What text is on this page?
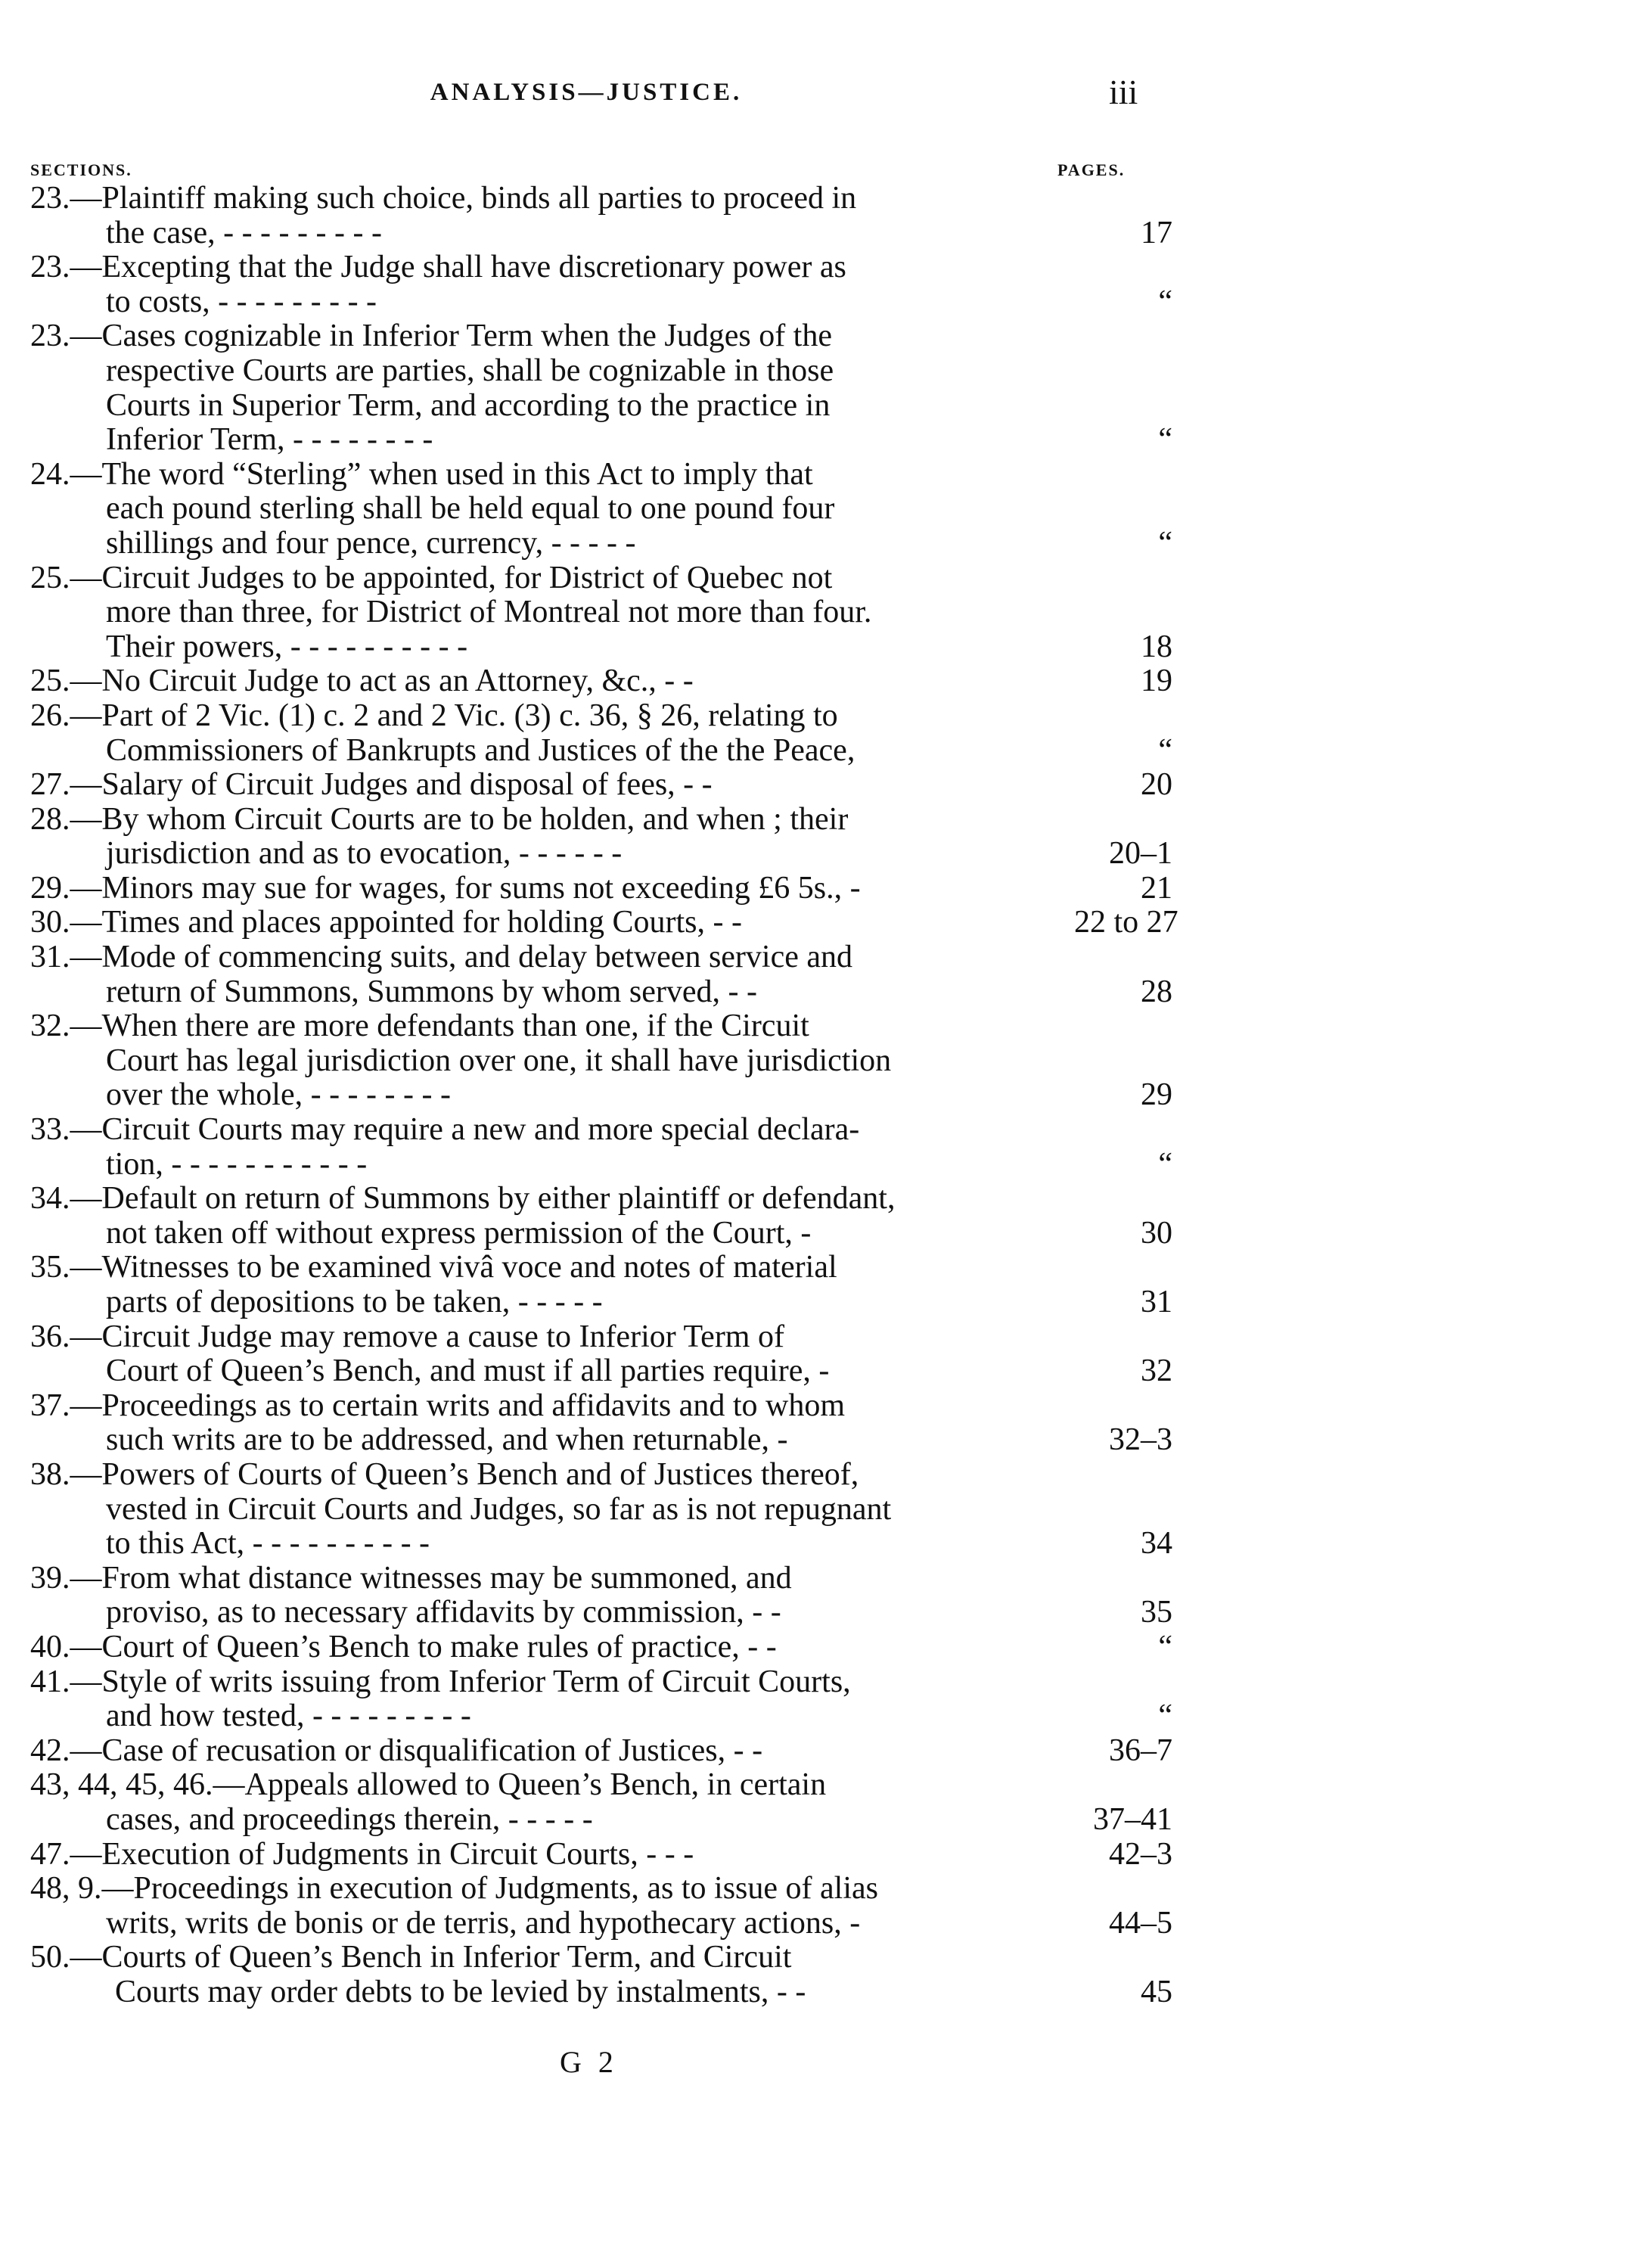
ANALYSIS—JUSTICE.	iii
SECTIONS.	PAGES.
23.—Plaintiff making such choice, binds all parties to proceed in
the case, - - - - - - - - -	17
23.—Excepting that the Judge shall have discretionary power as
to costs, - - - - - - - - -	“
23.—Cases cognizable in Inferior Term when the Judges of the
respective Courts are parties, shall be cognizable in those
Courts in Superior Term, and according to the practice in
Inferior Term, - - - - - - - -	“
24.—The word “Sterling” when used in this Act to imply that
each pound sterling shall be held equal to one pound four
shillings and four pence, currency, - - - - -	“
25.—Circuit Judges to be appointed, for District of Quebec not
more than three, for District of Montreal not more than four.
Their powers, - - - - - - - - - -	18
25.—No Circuit Judge to act as an Attorney, &c., - -	19
26.—Part of 2 Vic. (1) c. 2 and 2 Vic. (3) c. 36, § 26, relating to
Commissioners of Bankrupts and Justices of the the Peace,	“
27.—Salary of Circuit Judges and disposal of fees, - -	20
28.—By whom Circuit Courts are to be holden, and when ; their
jurisdiction and as to evocation, - - - - - -	20–1
29.—Minors may sue for wages, for sums not exceeding £6 5s., -	21
30.—Times and places appointed for holding Courts, - -	22 to 27
31.—Mode of commencing suits, and delay between service and
return of Summons, Summons by whom served, - -	28
32.—When there are more defendants than one, if the Circuit
Court has legal jurisdiction over one, it shall have jurisdiction
over the whole, - - - - - - - -	29
33.—Circuit Courts may require a new and more special declara-
tion, - - - - - - - - - - -	“
34.—Default on return of Summons by either plaintiff or defendant,
not taken off without express permission of the Court, -	30
35.—Witnesses to be examined vivâ voce and notes of material
parts of depositions to be taken, - - - - -	31
36.—Circuit Judge may remove a cause to Inferior Term of
Court of Queen’s Bench, and must if all parties require, -	32
37.—Proceedings as to certain writs and affidavits and to whom
such writs are to be addressed, and when returnable, -	32–3
38.—Powers of Courts of Queen’s Bench and of Justices thereof,
vested in Circuit Courts and Judges, so far as is not repugnant
to this Act, - - - - - - - - - -	34
39.—From what distance witnesses may be summoned, and
proviso, as to necessary affidavits by commission, - -	35
40.—Court of Queen’s Bench to make rules of practice, - -	“
41.—Style of writs issuing from Inferior Term of Circuit Courts,
and how tested, - - - - - - - - -	“
42.—Case of recusation or disqualification of Justices, - -	36–7
43, 44, 45, 46.—Appeals allowed to Queen’s Bench, in certain
cases, and proceedings therein, - - - - -	37–41
47.—Execution of Judgments in Circuit Courts, - - -	42–3
48, 9.—Proceedings in execution of Judgments, as to issue of alias
writs, writs de bonis or de terris, and hypothecary actions, -	44–5
50.—Courts of Queen’s Bench in Inferior Term, and Circuit
Courts may order debts to be levied by instalments, - -	45
G 2
